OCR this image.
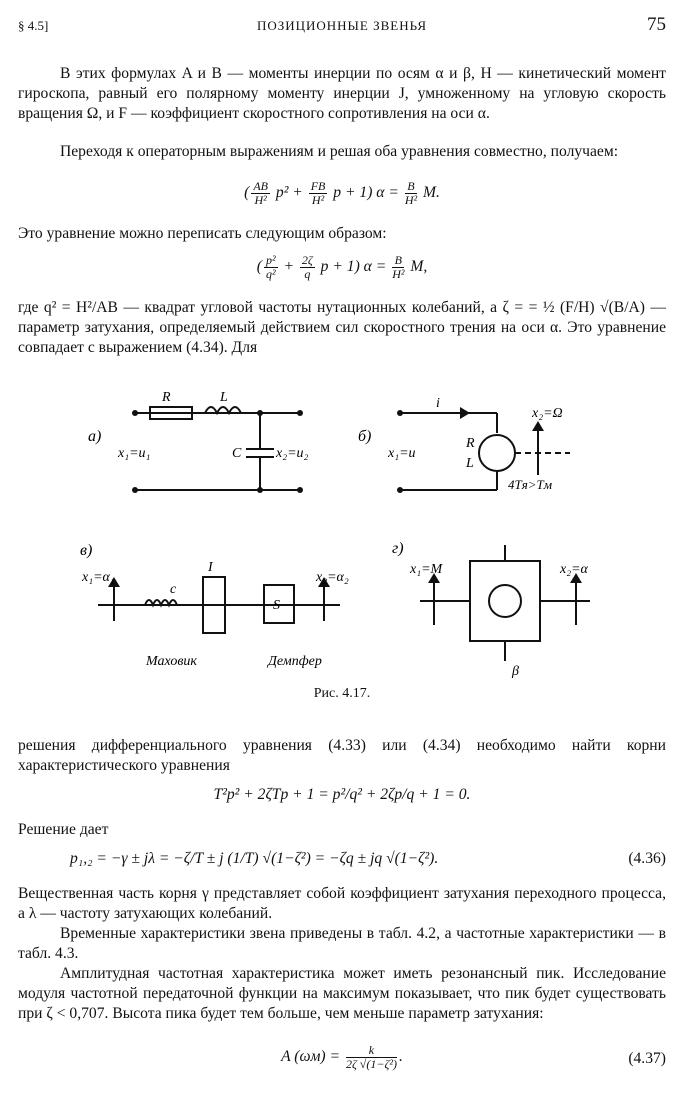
§ 4.5]	ПОЗИЦИОННЫЕ ЗВЕНЬЯ	75

В этих формулах A и B — моменты инерции по осям α и β, H — кинетический момент гироскопа, равный его полярному моменту инерции J, умноженному на угловую скорость вращения Ω, и F — коэффициент скоростного сопротивления на оси α.

Переходя к операторным выражениям и решая оба уравнения совместно, получаем:

( $\frac{AB}{\text{H²}} p^2 + \frac{FB}{\text{H²}}$ p + 1) $\alpha = \frac{B}{\text{H²}} M$.

Это уравнение можно переписать следующим образом:

( $\frac{\text{p²}}{\text{q²}} + \frac{2\zeta}{q}$ p + 1) $\alpha = \frac{B}{\text{H²}} M$,

где q² = H²/AB — квадрат угловой частоты нутационных колебаний, а ζ = = ½ (F/H) √(B/A) — параметр затухания, определяемый действием сил скоростного трения на оси α. Это уравнение совпадает с выражением (4.34). Для

а)
R	L
C
x₁=u₁	x₂=u₂
б)
i
R
L
x₁=u
x₂=Ω
4Tя>Tм
в)
x₁=α₁	x₂=α₂
c
I
S
Маховик	Демпфер
г)
x₁=M	x₂=α
β
Рис. 4.17.

решения дифференциального уравнения (4.33) или (4.34) необходимо найти корни характеристического уравнения

T²p² + 2ζTp + 1 = p²/q² + 2ζp/q + 1 = 0.

Решение дает

p₁,₂ = −γ ± jλ = −ζ/T ± j (1/T) √(1−ζ²) = −ζq ± jq √(1−ζ²).	(4.36)

Вещественная часть корня γ представляет собой коэффициент затухания переходного процесса, а λ — частоту затухающих колебаний.

Временные характеристики звена приведены в табл. 4.2, а частотные характеристики — в табл. 4.3.

Амплитудная частотная характеристика может иметь резонансный пик. Исследование модуля частотной передаточной функции на максимум показывает, что пик будет существовать при ζ < 0,707. Высота пика будет тем больше, чем меньше параметр затухания:

A $(\omega м) = \frac{k}{\text{2ζ √(1−ζ²)}}$ .	(4.37)
